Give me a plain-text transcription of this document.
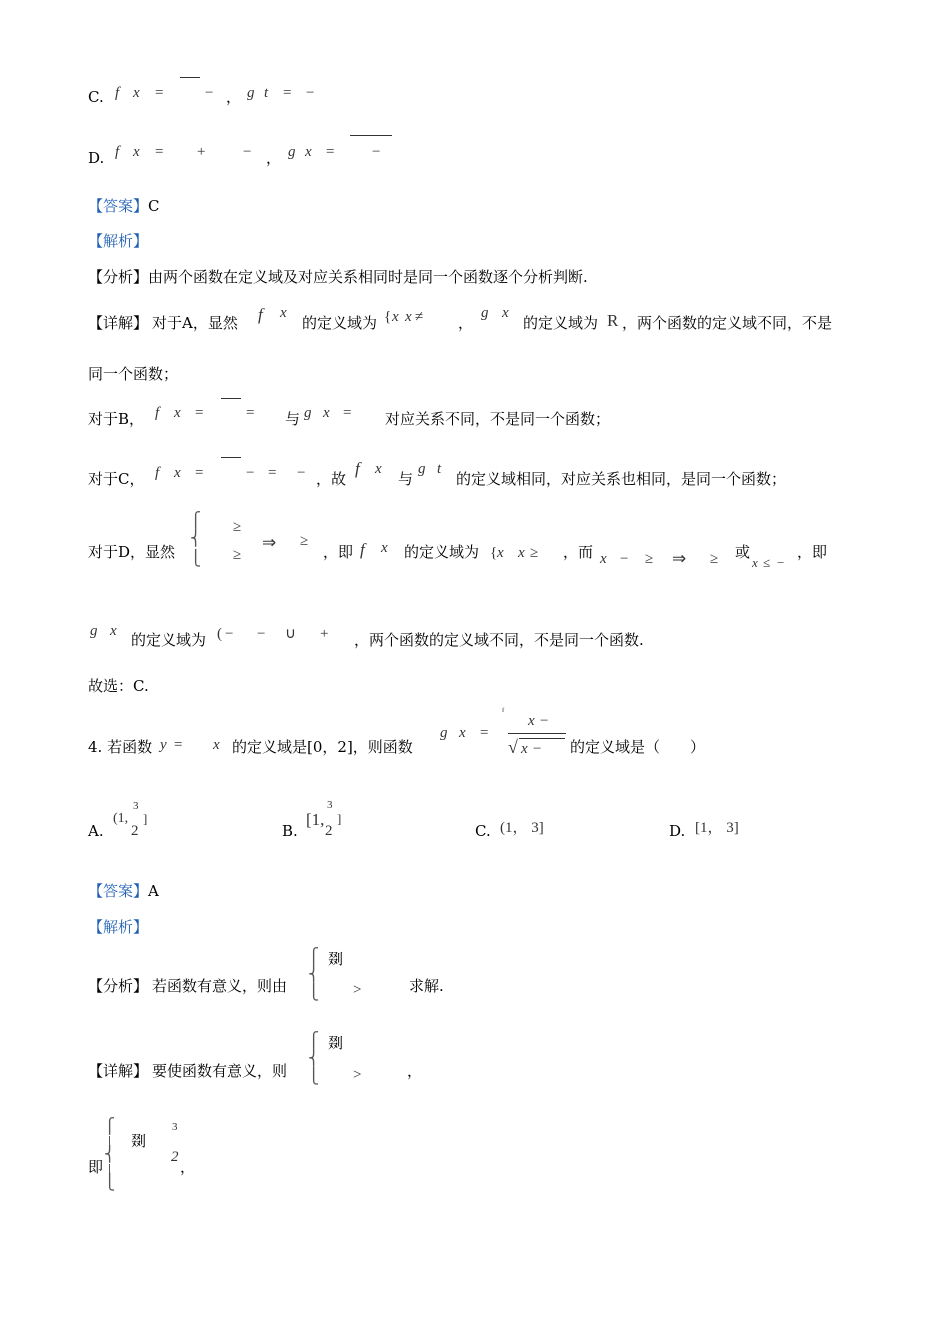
C. f x =	− ， g t = −
D. f x = +	− ， g x =	−
【答案】C
【解析】
【分析】由两个函数在定义域及对应关系相同时是同一个函数逐个分析判断.
【详解】 对于A，显然 f x
的定义域为 { x x ≠ ，
g x
的定义域为 R ，两个函数的定义域不同，不是
同一个函数；
对于B， f x =	= 与 g x = 对应关系不同，不是同一个函数；
对于C， f x =	− = − ，故
f x
与
g t
的定义域相同，对应关系也相同，是同一个函数；
对于D，显然
⎧
⎨
⎩
≥
≥
⇒ ≥
，即 f x 的定义域为 { x x ≥ ，而 x − ≥ ⇒ ≥ 或
x ≤ −
，即
g x 的定义域为 ( − − ∪ + ，两个函数的定义域不同，不是同一个函数.
故选：C.
4. 若函数 y = x 的定义域是[0，2]，则函数
g x =
ᶠ
x −
√ x − 的定义域是（　　）
A.
(1,
3
2
]
B.
[1,
3
2
]
C. (1， 3]	D. [1， 3]
【答案】A
【解析】
【分析】 若函数有意义，则由
⎧
⎨
⎩
剟
>	求解.
【详解】 要使函数有意义，则
⎧
⎨
⎩
剟
>	，
即
⎧
⎨
⎩
剟
3
2
，
